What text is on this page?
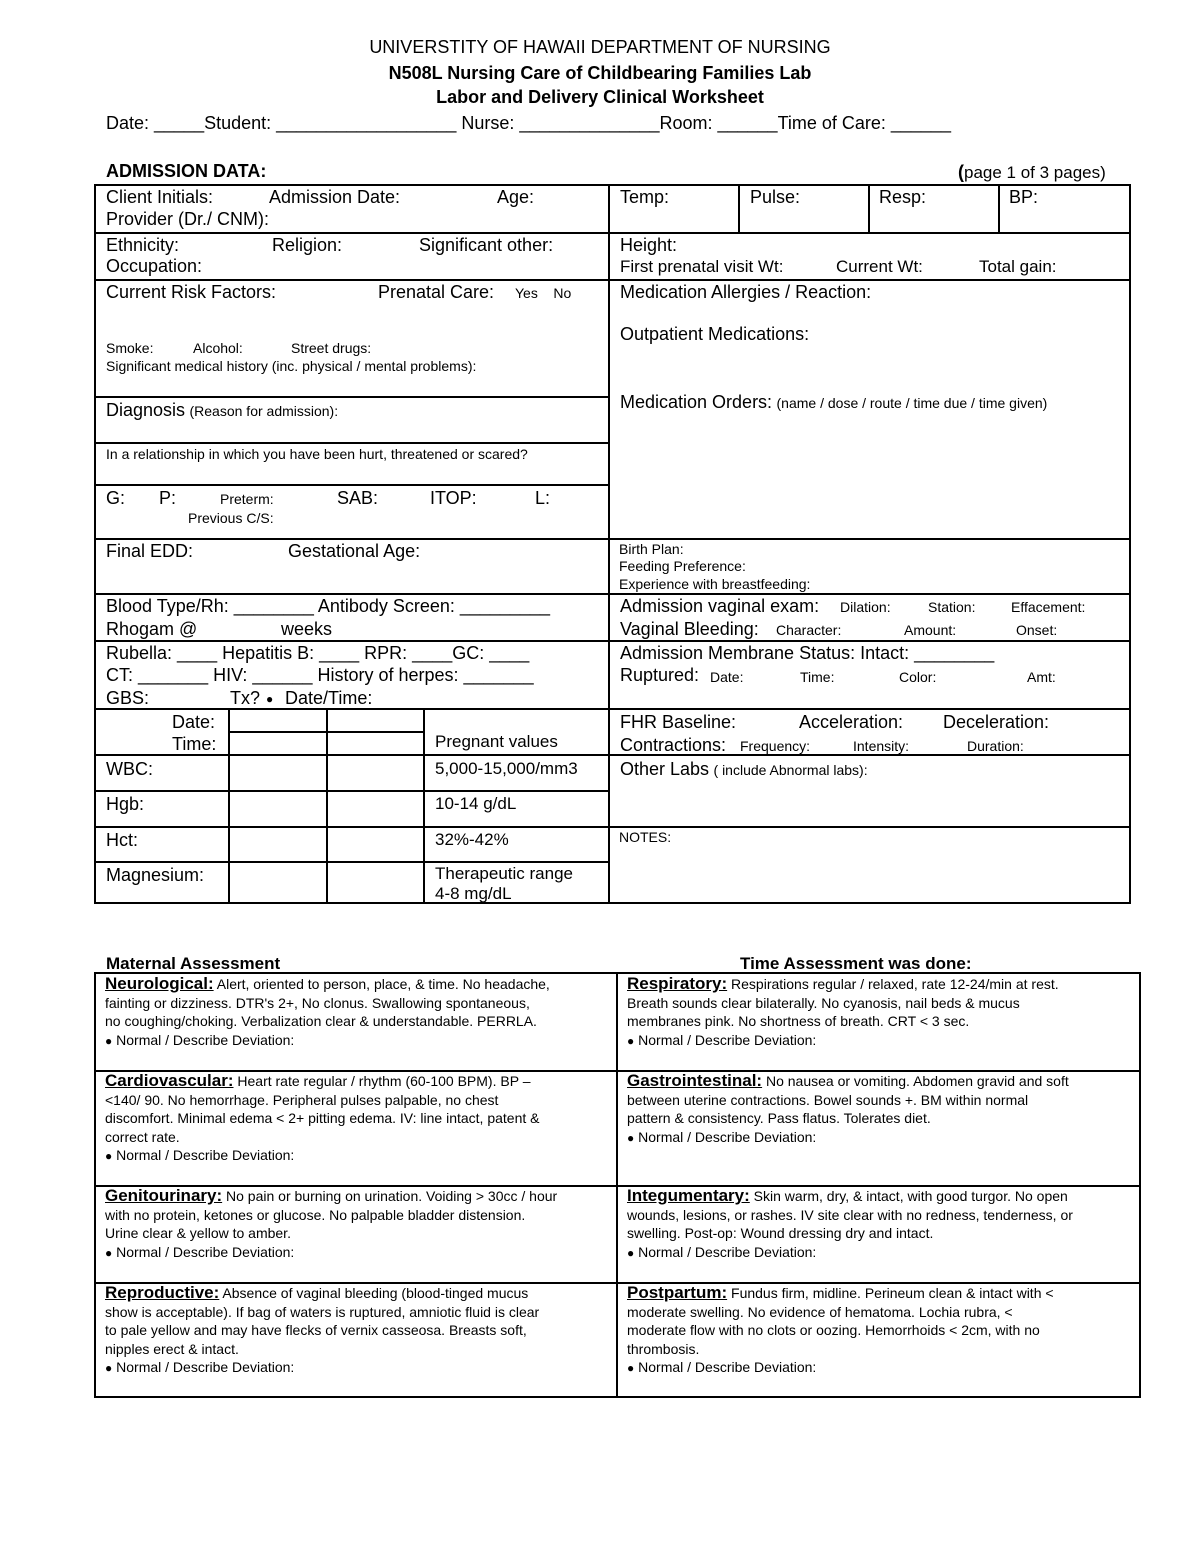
UNIVERSTITY OF HAWAII DEPARTMENT OF NURSING
N508L Nursing Care of Childbearing Families Lab
Labor and Delivery Clinical Worksheet
Date: _____Student: __________________ Nurse: ______________Room: ______Time of Care: ______
ADMISSION DATA:	(page 1 of 3 pages)
Client Initials:	Admission Date:	Age:
Provider (Dr./ CNM):
Temp:	Pulse:	Resp:	BP:
Ethnicity:	Religion:	Significant other:
Occupation:
Height:
First prenatal visit Wt:	Current Wt:	Total gain:
Current Risk Factors:	Prenatal Care: Yes    No
Smoke:	Alcohol:	Street drugs:
Significant medical history (inc. physical / mental problems):
Medication Allergies / Reaction:
Outpatient Medications:
Medication Orders: (name / dose / route / time due / time given)
Diagnosis (Reason for admission):
In a relationship in which you have been hurt, threatened or scared?
G: P:	Preterm:	SAB:	ITOP:	L:
Previous C/S:
Final EDD:	Gestational Age:	Birth Plan:
Feeding Preference:
Experience with breastfeeding:
Blood Type/Rh: ________ Antibody Screen: _________
Rhogam @	weeks
Admission vaginal exam: Dilation:	Station:	Effacement:
Vaginal Bleeding: Character:	Amount:	Onset:
Rubella: ____ Hepatitis B: ____ RPR: ____GC: ____
CT: _______ HIV: ______ History of herpes: _______
GBS:	Tx? ● Date/Time:
Admission Membrane Status: Intact: ________
Ruptured: Date:	Time:	Color:	Amt:
Date:
Time:	Pregnant values
WBC:	5,000-15,000/mm3
Hgb:	10-14 g/dL
Hct:	32%-42%
Magnesium:	Therapeutic range
4-8 mg/dL
FHR Baseline:	Acceleration: Deceleration:
Contractions: Frequency:	Intensity:	Duration:
Other Labs ( include Abnormal labs):
NOTES:
Maternal Assessment	Time Assessment was done:
Neurological: Alert, oriented to person, place, & time. No headache,
fainting or dizziness. DTR's 2+, No clonus. Swallowing spontaneous,
no coughing/choking. Verbalization clear & understandable. PERRLA.
● Normal / Describe Deviation:
Respiratory: Respirations regular / relaxed, rate 12-24/min at rest.
Breath sounds clear bilaterally. No cyanosis, nail beds & mucus
membranes pink. No shortness of breath. CRT < 3 sec.
● Normal / Describe Deviation:
Cardiovascular: Heart rate regular / rhythm (60-100 BPM). BP –
<140/ 90. No hemorrhage. Peripheral pulses palpable, no chest
discomfort. Minimal edema < 2+ pitting edema. IV: line intact, patent &
correct rate.
● Normal / Describe Deviation:
Gastrointestinal: No nausea or vomiting. Abdomen gravid and soft
between uterine contractions. Bowel sounds +. BM within normal
pattern & consistency. Pass flatus. Tolerates diet.
● Normal / Describe Deviation:
Genitourinary: No pain or burning on urination. Voiding > 30cc / hour
with no protein, ketones or glucose. No palpable bladder distension.
Urine clear & yellow to amber.
● Normal / Describe Deviation:
Integumentary: Skin warm, dry, & intact, with good turgor. No open
wounds, lesions, or rashes. IV site clear with no redness, tenderness, or
swelling. Post-op: Wound dressing dry and intact.
● Normal / Describe Deviation:
Reproductive: Absence of vaginal bleeding (blood-tinged mucus
show is acceptable). If bag of waters is ruptured, amniotic fluid is clear
to pale yellow and may have flecks of vernix casseosa. Breasts soft,
nipples erect & intact.
● Normal / Describe Deviation:
Postpartum: Fundus firm, midline. Perineum clean & intact with <
moderate swelling. No evidence of hematoma. Lochia rubra, <
moderate flow with no clots or oozing. Hemorrhoids < 2cm, with no
thrombosis.
● Normal / Describe Deviation:
